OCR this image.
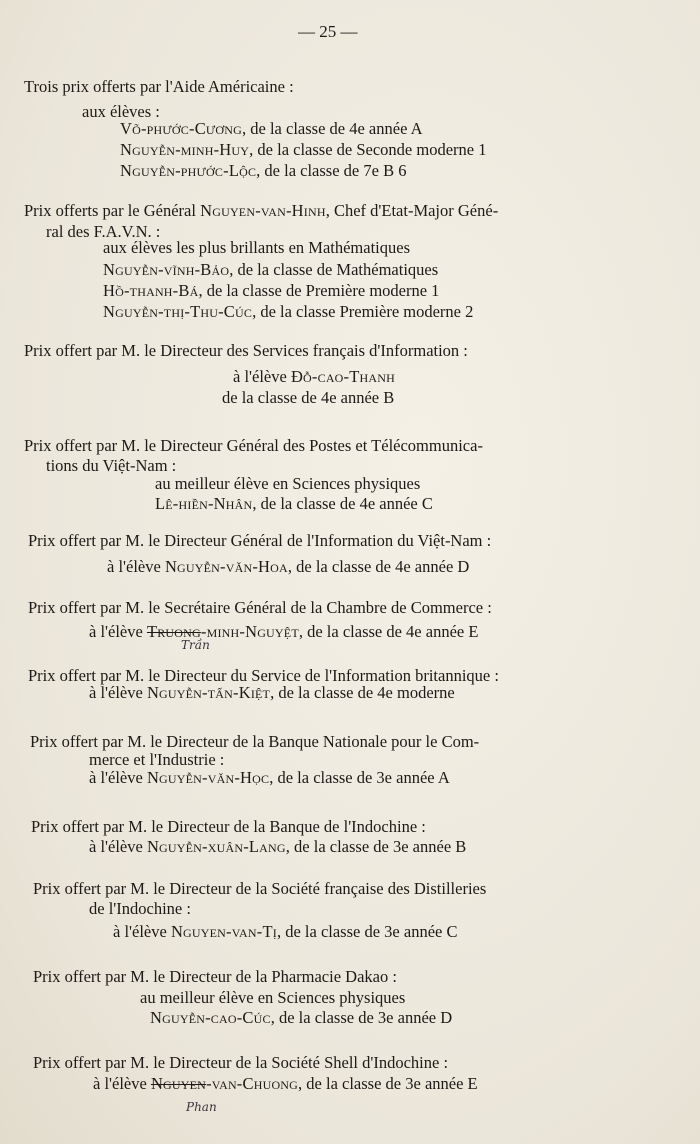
— 25 —
Trois prix offerts par l'Aide Américaine :
aux élèves :
Võ-phước-Cương, de la classe de 4e année A
Nguyễn-minh-Huy, de la classe de Seconde moderne 1
Nguyễn-phước-Lộc, de la classe de 7e B 6
Prix offerts par le Général Nguyen-van-Hinh, Chef d'Etat-Major Géné-
ral des F.A.V.N. :
aux élèves les plus brillants en Mathématiques
Nguyễn-vĩnh-Bảo, de la classe de Mathématiques
Hồ-thanh-Bá, de la classe de Première moderne 1
Nguyễn-thị-Thu-Cúc, de la classe Première moderne 2
Prix offert par M. le Directeur des Services français d'Information :
à l'élève Đỗ-cao-Thanh
de la classe de 4e année B
Prix offert par M. le Directeur Général des Postes et Télécommunica-
tions du Việt-Nam :
au meilleur élève en Sciences physiques
Lê-hiền-Nhân, de la classe de 4e année C
Prix offert par M. le Directeur Général de l'Information du Việt-Nam :
à l'élève Nguyễn-văn-Hoa, de la classe de 4e année D
Prix offert par M. le Secrétaire Général de la Chambre de Commerce :
à l'élève Truong-minh-Nguyệt, de la classe de 4e année E
Trần
Prix offert par M. le Directeur du Service de l'Information britannique :
à l'élève Nguyễn-tấn-Kiệt, de la classe de 4e moderne
Prix offert par M. le Directeur de la Banque Nationale pour le Com-
merce et l'Industrie :
à l'élève Nguyễn-văn-Học, de la classe de 3e année A
Prix offert par M. le Directeur de la Banque de l'Indochine :
à l'élève Nguyễn-xuân-Lang, de la classe de 3e année B
Prix offert par M. le Directeur de la Société française des Distilleries
de l'Indochine :
à l'élève Nguyen-van-Tị, de la classe de 3e année C
Prix offert par M. le Directeur de la Pharmacie Dakao :
au meilleur élève en Sciences physiques
Nguyễn-cao-Cúc, de la classe de 3e année D
Prix offert par M. le Directeur de la Société Shell d'Indochine :
à l'élève Nguyen-van-Chuong, de la classe de 3e année E
Phan
